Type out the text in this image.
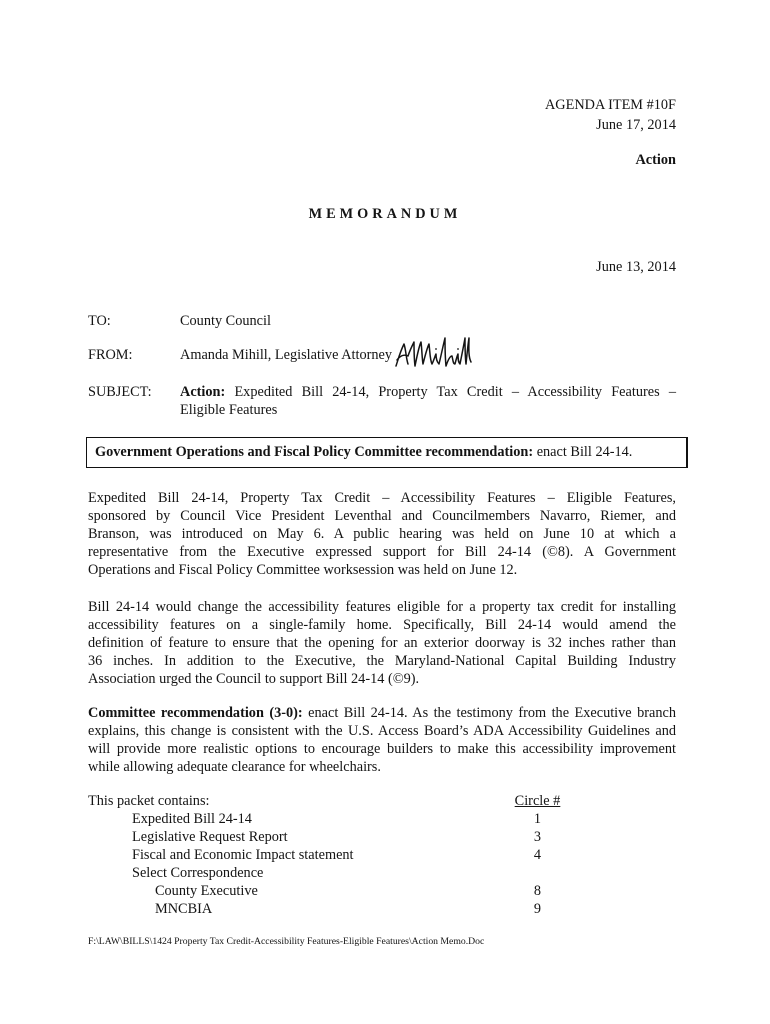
AGENDA ITEM #10F
June 17, 2014
Action
MEMORANDUM
June 13, 2014
TO:	County Council
FROM:	Amanda Mihill, Legislative Attorney
SUBJECT: Action: Expedited Bill 24-14, Property Tax Credit – Accessibility Features –
Eligible Features
Government Operations and Fiscal Policy Committee recommendation: enact Bill 24-14.
Expedited Bill 24-14, Property Tax Credit – Accessibility Features – Eligible Features,
sponsored by Council Vice President Leventhal and Councilmembers Navarro, Riemer, and
Branson, was introduced on May 6. A public hearing was held on June 10 at which a
representative from the Executive expressed support for Bill 24-14 (©8). A Government
Operations and Fiscal Policy Committee worksession was held on June 12.
Bill 24-14 would change the accessibility features eligible for a property tax credit for installing
accessibility features on a single-family home. Specifically, Bill 24-14 would amend the
definition of feature to ensure that the opening for an exterior doorway is 32 inches rather than
36 inches. In addition to the Executive, the Maryland-National Capital Building Industry
Association urged the Council to support Bill 24-14 (©9).
Committee recommendation (3-0): enact Bill 24-14. As the testimony from the Executive branch
explains, this change is consistent with the U.S. Access Board’s ADA Accessibility Guidelines and
will provide more realistic options to encourage builders to make this accessibility improvement
while allowing adequate clearance for wheelchairs.
This packet contains:	Circle #
Expedited Bill 24-14	1
Legislative Request Report	3
Fiscal and Economic Impact statement	4
Select Correspondence
County Executive	8
MNCBIA	9
F:\LAW\BILLS\1424 Property Tax Credit-Accessibility Features-Eligible Features\Action Memo.Doc
